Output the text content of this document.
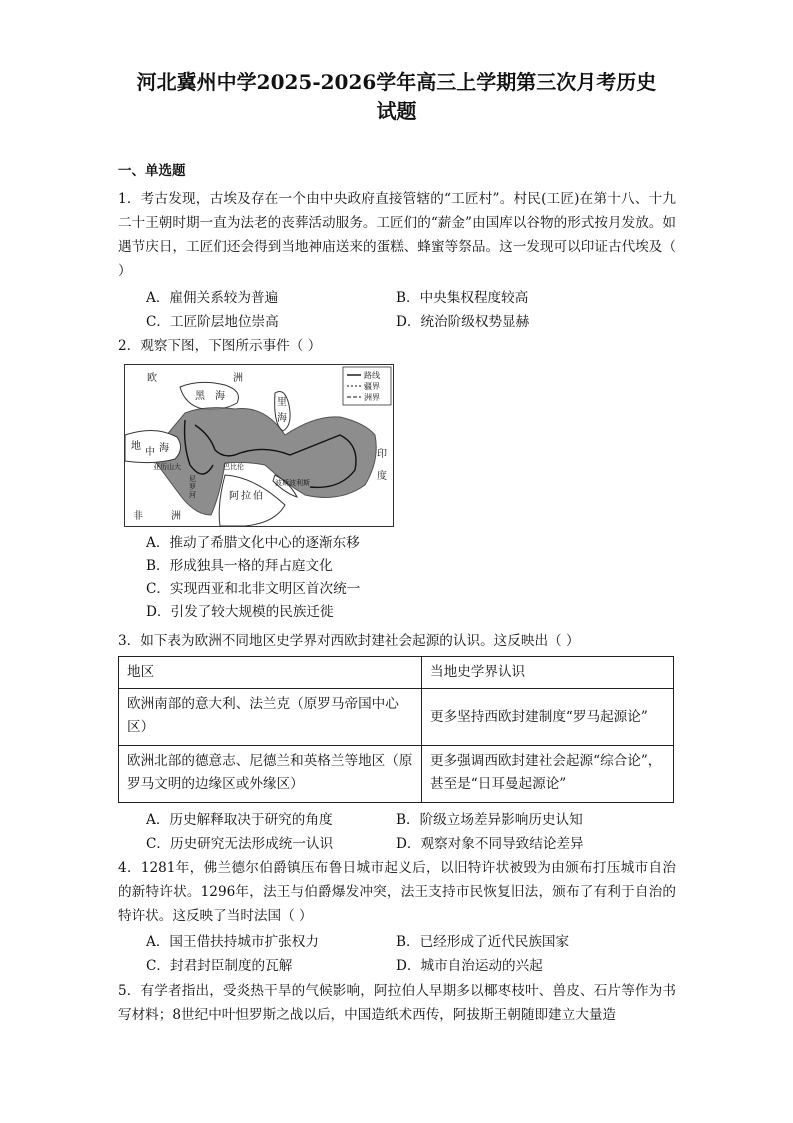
河北冀州中学2025-2026学年高三上学期第三次月考历史
试题
一、单选题
1．考古发现，古埃及存在一个由中央政府直接管辖的“工匠村”。村民(工匠)在第十八、十九二十王朝时期一直为法老的丧葬活动服务。工匠们的“薪金”由国库以谷物的形式按月发放。如遇节庆日，工匠们还会得到当地神庙送来的蛋糕、蜂蜜等祭品。这一发现可以印证古代埃及（ ）
A．雇佣关系较为普遍	B．中央集权程度较高
C．工匠阶层地位崇高	D．统治阶级权势显赫
2．观察下图，下图所示事件（ ）
路线
疆界
洲界
欧	洲
黑 海
里
海
地
中 海
亚历山大	巴比伦
波斯波利斯
阿 拉 伯
非	洲
印
度
尼
罗
河
A．推动了希腊文化中心的逐渐东移
B．形成独具一格的拜占庭文化
C．实现西亚和北非文明区首次统一
D．引发了较大规模的民族迁徙
3．如下表为欧洲不同地区史学界对西欧封建社会起源的认识。这反映出（ ）
地区	当地史学界认识
欧洲南部的意大利、法兰克（原罗马帝国中心区）	更多坚持西欧封建制度“罗马起源论”
欧洲北部的德意志、尼德兰和英格兰等地区（原罗马文明的边缘区或外缘区）	更多强调西欧封建社会起源“综合论”，甚至是“日耳曼起源论”
A．历史解释取决于研究的角度	B．阶级立场差异影响历史认知
C．历史研究无法形成统一认识	D．观察对象不同导致结论差异
4．1281年，佛兰德尔伯爵镇压布鲁日城市起义后，以旧特许状被毁为由颁布打压城市自治的新特许状。1296年，法王与伯爵爆发冲突，法王支持市民恢复旧法，颁布了有利于自治的特许状。这反映了当时法国（ ）
A．国王借扶持城市扩张权力	B．已经形成了近代民族国家
C．封君封臣制度的瓦解	D．城市自治运动的兴起
5．有学者指出，受炎热干旱的气候影响，阿拉伯人早期多以椰枣枝叶、兽皮、石片等作为书写材料；8世纪中叶怛罗斯之战以后，中国造纸术西传，阿拔斯王朝随即建立大量造
